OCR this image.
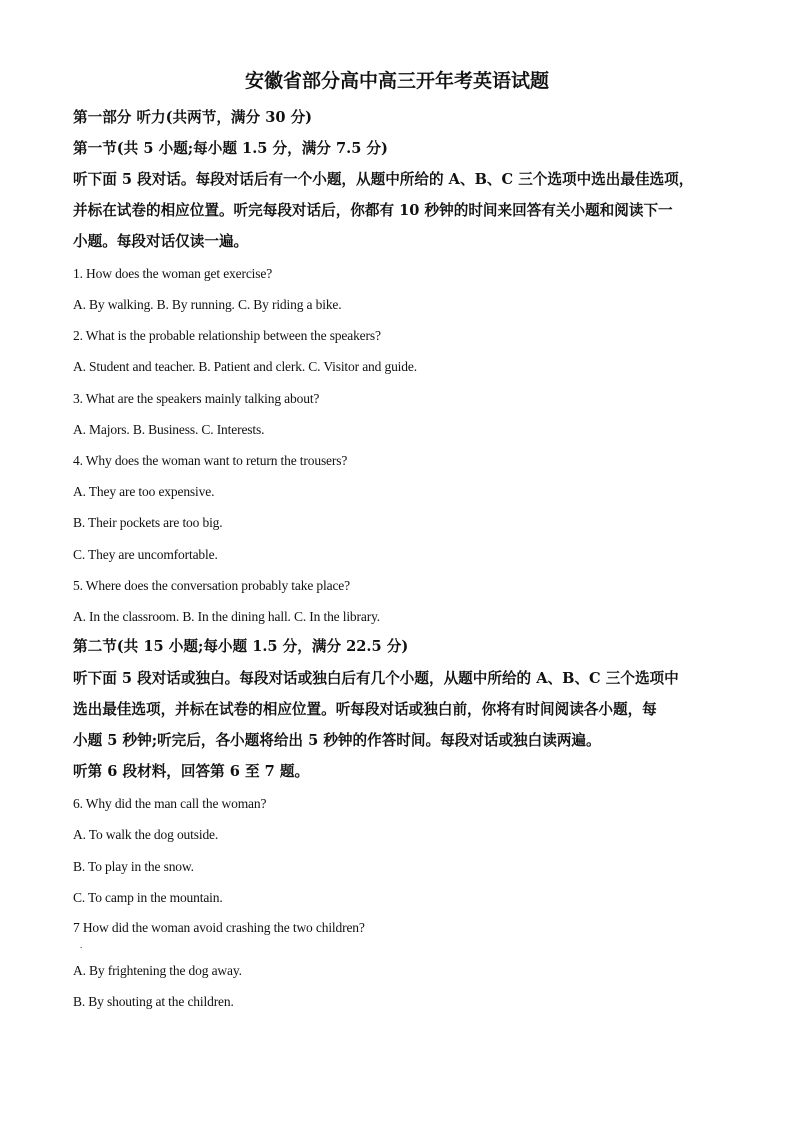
安徽省部分高中高三开年考英语试题
第一部分 听力(共两节，满分 30 分)
第一节(共 5 小题;每小题 1.5 分，满分 7.5 分)
听下面 5 段对话。每段对话后有一个小题，从题中所给的 A、B、C 三个选项中选出最佳选项，
并标在试卷的相应位置。听完每段对话后，你都有 10 秒钟的时间来回答有关小题和阅读下一
小题。每段对话仅读一遍。
1. How does the woman get exercise?
A. By walking. B. By running. C. By riding a bike.
2. What is the probable relationship between the speakers?
A. Student and teacher. B. Patient and clerk. C. Visitor and guide.
3. What are the speakers mainly talking about?
A. Majors. B. Business. C. Interests.
4. Why does the woman want to return the trousers?
A. They are too expensive.
B. Their pockets are too big.
C. They are uncomfortable.
5. Where does the conversation probably take place?
A. In the classroom. B. In the dining hall. C. In the library.
第二节(共 15 小题;每小题 1.5 分，满分 22.5 分)
听下面 5 段对话或独白。每段对话或独白后有几个小题，从题中所给的 A、B、C 三个选项中
选出最佳选项，并标在试卷的相应位置。听每段对话或独白前，你将有时间阅读各小题，每
小题 5 秒钟;听完后，各小题将给出 5 秒钟的作答时间。每段对话或独白读两遍。
听第 6 段材料，回答第 6 至 7 题。
6. Why did the man call the woman?
A. To walk the dog outside.
B. To play in the snow.
C. To camp in the mountain.
7 How did the woman avoid crashing the two children?
.
A. By frightening the dog away.
B. By shouting at the children.
